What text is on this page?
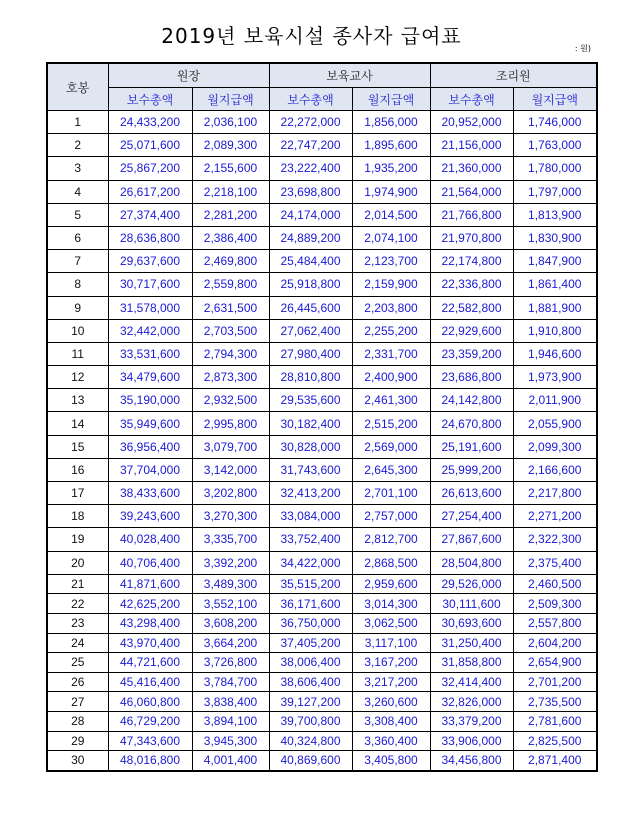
2019년 보육시설 종사자 급여표
: 원)
호봉	원장		보육교사		조리원	
	보수총액	월지급액	보수총액	월지급액	보수총액	월지급액
1	24,433,200	2,036,100	22,272,000	1,856,000	20,952,000	1,746,000
2	25,071,600	2,089,300	22,747,200	1,895,600	21,156,000	1,763,000
3	25,867,200	2,155,600	23,222,400	1,935,200	21,360,000	1,780,000
4	26,617,200	2,218,100	23,698,800	1,974,900	21,564,000	1,797,000
5	27,374,400	2,281,200	24,174,000	2,014,500	21,766,800	1,813,900
6	28,636,800	2,386,400	24,889,200	2,074,100	21,970,800	1,830,900
7	29,637,600	2,469,800	25,484,400	2,123,700	22,174,800	1,847,900
8	30,717,600	2,559,800	25,918,800	2,159,900	22,336,800	1,861,400
9	31,578,000	2,631,500	26,445,600	2,203,800	22,582,800	1,881,900
10	32,442,000	2,703,500	27,062,400	2,255,200	22,929,600	1,910,800
11	33,531,600	2,794,300	27,980,400	2,331,700	23,359,200	1,946,600
12	34,479,600	2,873,300	28,810,800	2,400,900	23,686,800	1,973,900
13	35,190,000	2,932,500	29,535,600	2,461,300	24,142,800	2,011,900
14	35,949,600	2,995,800	30,182,400	2,515,200	24,670,800	2,055,900
15	36,956,400	3,079,700	30,828,000	2,569,000	25,191,600	2,099,300
16	37,704,000	3,142,000	31,743,600	2,645,300	25,999,200	2,166,600
17	38,433,600	3,202,800	32,413,200	2,701,100	26,613,600	2,217,800
18	39,243,600	3,270,300	33,084,000	2,757,000	27,254,400	2,271,200
19	40,028,400	3,335,700	33,752,400	2,812,700	27,867,600	2,322,300
20	40,706,400	3,392,200	34,422,000	2,868,500	28,504,800	2,375,400
21	41,871,600	3,489,300	35,515,200	2,959,600	29,526,000	2,460,500
22	42,625,200	3,552,100	36,171,600	3,014,300	30,111,600	2,509,300
23	43,298,400	3,608,200	36,750,000	3,062,500	30,693,600	2,557,800
24	43,970,400	3,664,200	37,405,200	3,117,100	31,250,400	2,604,200
25	44,721,600	3,726,800	38,006,400	3,167,200	31,858,800	2,654,900
26	45,416,400	3,784,700	38,606,400	3,217,200	32,414,400	2,701,200
27	46,060,800	3,838,400	39,127,200	3,260,600	32,826,000	2,735,500
28	46,729,200	3,894,100	39,700,800	3,308,400	33,379,200	2,781,600
29	47,343,600	3,945,300	40,324,800	3,360,400	33,906,000	2,825,500
30	48,016,800	4,001,400	40,869,600	3,405,800	34,456,800	2,871,400
